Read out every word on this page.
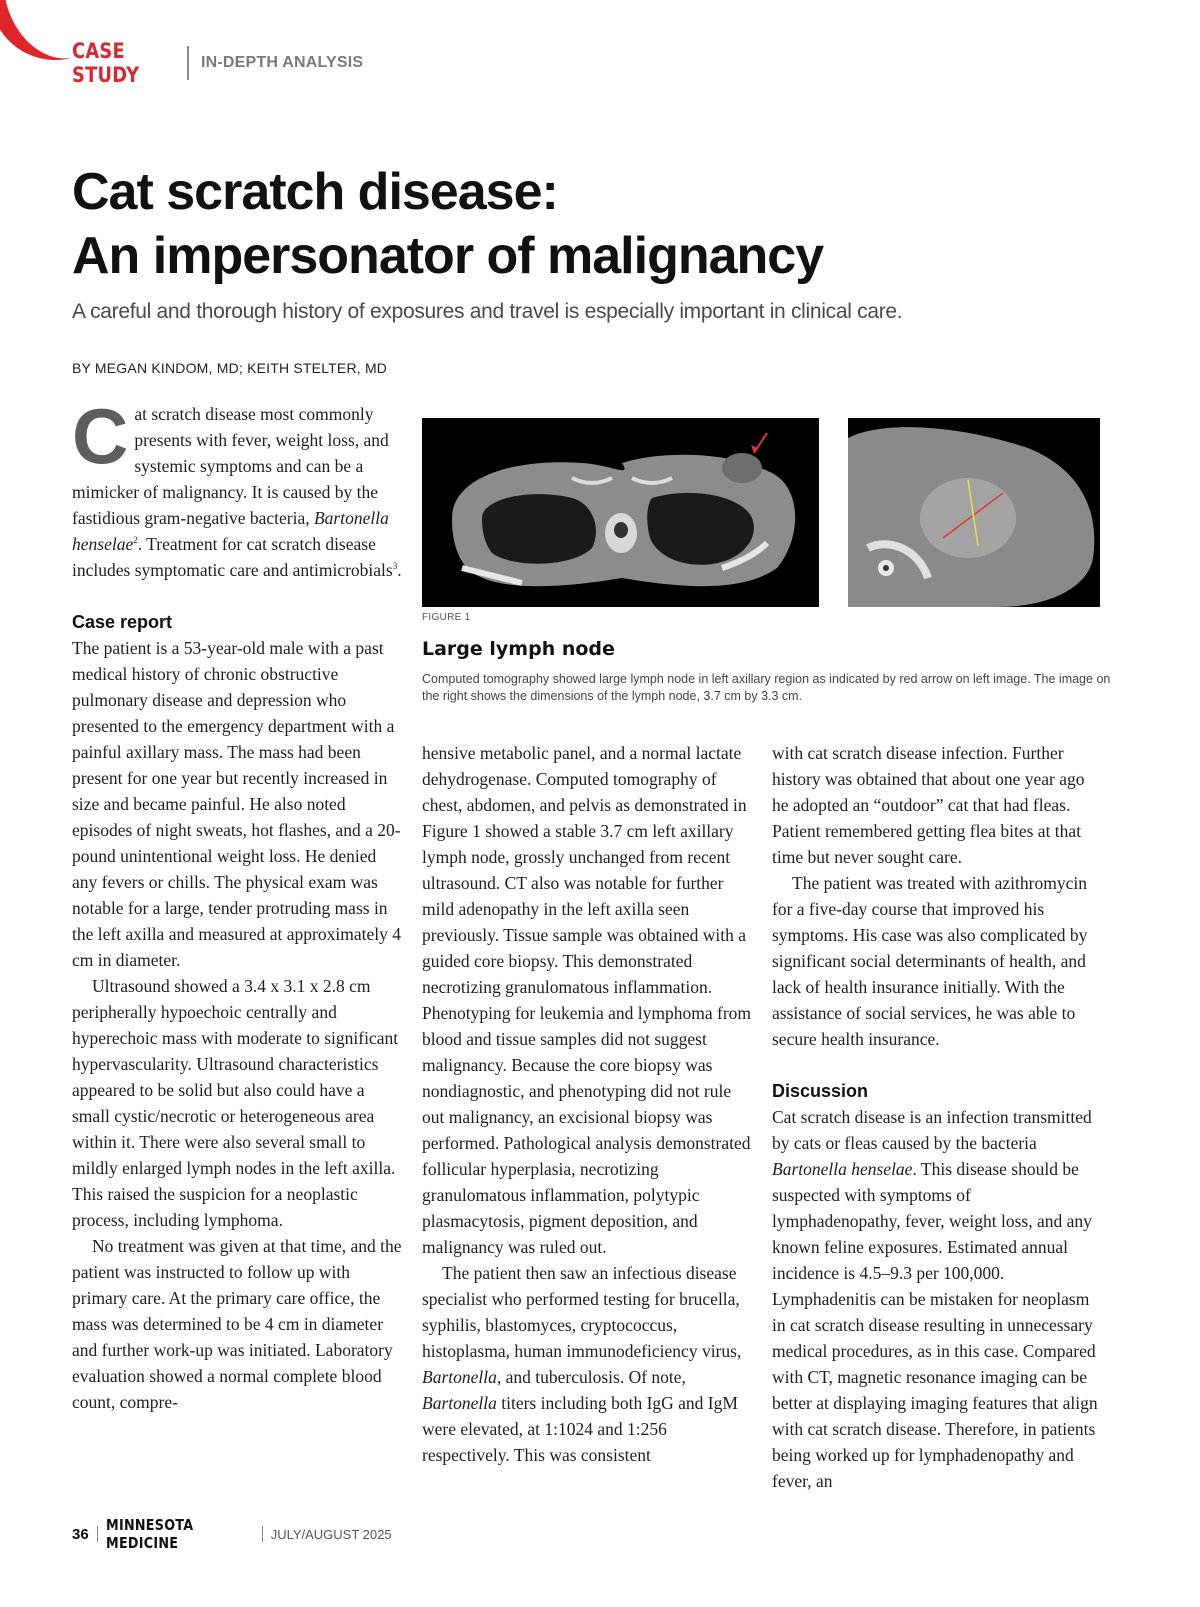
CASE STUDY
IN-DEPTH ANALYSIS
Cat scratch disease:
An impersonator of malignancy
A careful and thorough history of exposures and travel is especially important in clinical care.
BY MEGAN KINDOM, MD; KEITH STELTER, MD

Cat scratch disease most commonly presents with fever, weight loss, and systemic symptoms and can be a mimicker of malignancy. It is caused by the fastidious gram-negative bacteria, Bartonella henselae$^2$. Treatment for cat scratch disease includes symptomatic care and antimicrobials$^3$.

Case report

The patient is a 53-year-old male with a past medical history of chronic obstructive pulmonary disease and depression who presented to the emergency department with a painful axillary mass. The mass had been present for one year but recently increased in size and became painful. He also noted episodes of night sweats, hot flashes, and a 20-pound unintentional weight loss. He denied any fevers or chills. The physical exam was notable for a large, tender protruding mass in the left axilla and measured at approximately 4 cm in diameter.

Ultrasound showed a 3.4 x 3.1 x 2.8 cm peripherally hypoechoic centrally and hyperechoic mass with moderate to significant hypervascularity. Ultrasound characteristics appeared to be solid but also could have a small cystic/necrotic or heterogeneous area within it. There were also several small to mildly enlarged lymph nodes in the left axilla. This raised the suspicion for a neoplastic process, including lymphoma.

No treatment was given at that time, and the patient was instructed to follow up with primary care. At the primary care office, the mass was determined to be 4 cm in diameter and further work-up was initiated. Laboratory evaluation showed a normal complete blood count, compre-

FIGURE 1
Large lymph node
Computed tomography showed large lymph node in left axillary region as indicated by red arrow on left image. The image on the right shows the dimensions of the lymph node, 3.7 cm by 3.3 cm.

hensive metabolic panel, and a normal lactate dehydrogenase. Computed tomography of chest, abdomen, and pelvis as demonstrated in Figure 1 showed a stable 3.7 cm left axillary lymph node, grossly unchanged from recent ultrasound. CT also was notable for further mild adenopathy in the left axilla seen previously. Tissue sample was obtained with a guided core biopsy. This demonstrated necrotizing granulomatous inflammation. Phenotyping for leukemia and lymphoma from blood and tissue samples did not suggest malignancy. Because the core biopsy was nondiagnostic, and phenotyping did not rule out malignancy, an excisional biopsy was performed. Pathological analysis demonstrated follicular hyperplasia, necrotizing granulomatous inflammation, polytypic plasmacytosis, pigment deposition, and malignancy was ruled out.

The patient then saw an infectious disease specialist who performed testing for brucella, syphilis, blastomyces, cryptococcus, histoplasma, human immunodeficiency virus, Bartonella, and tuberculosis. Of note, Bartonella titers including both IgG and IgM were elevated, at 1:1024 and 1:256 respectively. This was consistent

with cat scratch disease infection. Further history was obtained that about one year ago he adopted an “outdoor” cat that had fleas. Patient remembered getting flea bites at that time but never sought care.

The patient was treated with azithromycin for a five-day course that improved his symptoms. His case was also complicated by significant social determinants of health, and lack of health insurance initially. With the assistance of social services, he was able to secure health insurance.

Discussion

Cat scratch disease is an infection transmitted by cats or fleas caused by the bacteria Bartonella henselae. This disease should be suspected with symptoms of lymphadenopathy, fever, weight loss, and any known feline exposures. Estimated annual incidence is 4.5–9.3 per 100,000. Lymphadenitis can be mistaken for neoplasm in cat scratch disease resulting in unnecessary medical procedures, as in this case. Compared with CT, magnetic resonance imaging can be better at displaying imaging features that align with cat scratch disease. Therefore, in patients being worked up for lymphadenopathy and fever, an

36 MINNESOTA MEDICINE	JULY/AUGUST 2025
